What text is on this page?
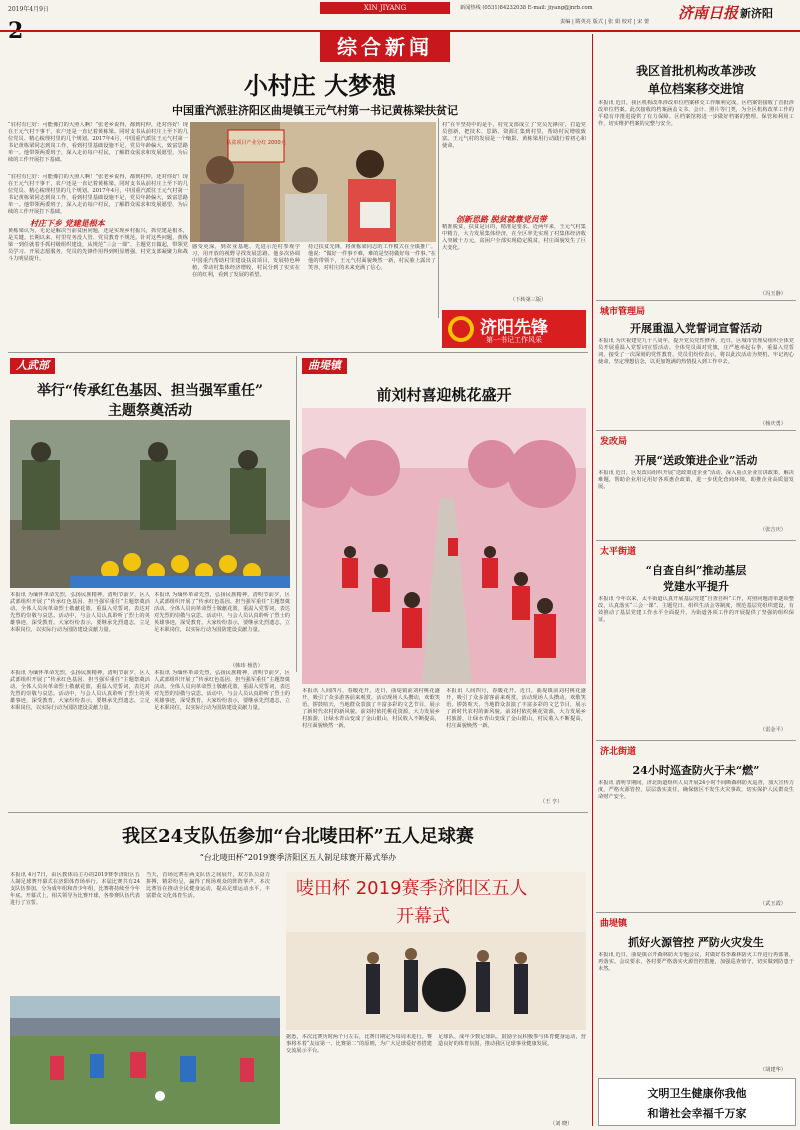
2019年4月9日	XIN JIYANG	新闻热线 (0531)84232038 E-mail: jiyang@jnrb.com
责编 | 隋英亮 版式 | 张 娟 校对 | 宋 蕾 济南日报 新济阳
综合新闻
小村庄 大梦想
中国重汽派驻济阳区曲堤镇王元气村第一书记黄栋梁扶贫记
“驻村有仨好：可能像打的大照人啊！”张老乡说得，都到村仲，还对你好！现在王元气村干事干，农户还是一直记着黄栋梁。同时支书从前村庄上至下的几位党员、精心梳理村里的几个规划。2017年4月，中国重汽派驻王元气村第一书记黄栋梁同志到岗工作，看到村里基础设施不足，党员年龄偏大，致富思路单一。他带领两委班子，深入走访每户村民，了解群众需求和发展愿望，为后续的工作开展打下基础。
“驻村有仨好：可能像打的大照人啊！”张老乡说得，都到村仲，还对你好！现在王元气村干事干，农户还是一直记着黄栋梁。同时支书从前村庄上至下的几位党员、精心梳理村里的几个规划。2017年4月，中国重汽派驻王元气村第一书记黄栋梁同志到岗工作，看到村里基础设施不足，党员年龄偏大，致富思路单一。他带领两委班子，深入走访每户村民，了解群众需求和发展愿望，为后续的工作开展打下基础。
村庄下乡 党建是根本
黄栋梁认为，无论是解决当前贫困问题，还是实现乡村振兴，抓党建是根本，是关键。长期以来，村里党务没人管、党员教育不规范。针对这些问题，黄栋梁一到任就着手抓村级组织建设，从规范“三会一课”、主题党日做起，带领党员学习、开展志愿服务，党员的先锋作用得到明显增强，村党支部凝聚力和战斗力明显提升。
感受更深，到农业基地、先进示范村参观学习，用开放的视野寻找发展思路。他多次协调中国重汽帮助村里建设扶贫项目，发展特色种植，带动村集体经济增收，村民分到了实实在在的红利，看到了发展的希望。
持过扶贫先锋，将黄栋梁同志的工作模式在全镇推广。他说：“做好一件事不难，难的是坚持做好每一件事。”在他的带领下，王元气村面貌焕然一新，村民脸上露出了笑容，对村庄的未来充满了信心。
扶贫项目产业分红 2000元
村“在半坚持中的是手，村党支部成立了‘党员先锋岗’，打造党员创新，把技术、思路、资源汇集到村里，帮助村民增收致富。王元气村的发展是一个缩影，黄栋梁用行动践行着初心和使命。
创新思路 脱贫就靠党员带
精准脱贫，扶贫是目的，精准是要求。近两年来，王元气村集中精力，大力发展集体经济，在全区率先实现了村集体经济收入突破十万元，贫困户全部实现稳定脱贫，村庄面貌发生了巨大变化。
（下转第三版）
济阳先锋
第一书记工作风采
人武部
举行“传承红色基因、担当强军重任”
主题祭奠活动
本报讯 为缅怀革命先烈，弘扬民族精神，清明节前夕，区人武部组织开展了“传承红色基因、担当强军重任”主题祭奠活动。全体人员向革命烈士敬献花篮，重温入党誓词，表达对先烈的崇敬与哀思。活动中，与会人员认真聆听了烈士的英雄事迹，深受教育。大家纷纷表示，要继承先烈遗志，立足本职岗位，以实际行动为国防建设贡献力量。
本报讯 为缅怀革命先烈，弘扬民族精神，清明节前夕，区人武部组织开展了“传承红色基因、担当强军重任”主题祭奠活动。全体人员向革命烈士敬献花篮，重温入党誓词，表达对先烈的崇敬与哀思。活动中，与会人员认真聆听了烈士的英雄事迹，深受教育。大家纷纷表示，要继承先烈遗志，立足本职岗位，以实际行动为国防建设贡献力量。
（韩玮 杨浩）
曲堤镇
前刘村喜迎桃花盛开
本报讯 人间四月，春暖花开。近日，曲堤镇前刘村桃花盛开，吸引了众多游客前来观赏。活动现场人头攒动，欢歌笑语，锣鼓喧天，当地群众表演了丰富多彩的文艺节目，展示了新时代农村的新风貌。前刘村依托桃花资源，大力发展乡村旅游，让绿水青山变成了金山银山，村民收入不断提高，村庄面貌焕然一新。
本报讯 人间四月，春暖花开。近日，曲堤镇前刘村桃花盛开，吸引了众多游客前来观赏。活动现场人头攒动，欢歌笑语，锣鼓喧天，当地群众表演了丰富多彩的文艺节目，展示了新时代农村的新风貌。前刘村依托桃花资源，大力发展乡村旅游，让绿水青山变成了金山银山，村民收入不断提高，村庄面貌焕然一新。
（王 亨）
本报讯 为缅怀革命先烈，弘扬民族精神，清明节前夕，区人武部组织开展了“传承红色基因、担当强军重任”主题祭奠活动。全体人员向革命烈士敬献花篮，重温入党誓词，表达对先烈的崇敬与哀思。活动中，与会人员认真聆听了烈士的英雄事迹，深受教育。大家纷纷表示，要继承先烈遗志，立足本职岗位，以实际行动为国防建设贡献力量。
本报讯 为缅怀革命先烈，弘扬民族精神，清明节前夕，区人武部组织开展了“传承红色基因、担当强军重任”主题祭奠活动。全体人员向革命烈士敬献花篮，重温入党誓词，表达对先烈的崇敬与哀思。活动中，与会人员认真聆听了烈士的英雄事迹，深受教育。大家纷纷表示，要继承先烈遗志，立足本职岗位，以实际行动为国防建设贡献力量。
我区24支队伍参加“台北唛田杯”五人足球赛
“台北唛田杯”2019赛季济阳区五人制足球赛开幕式举办
本报讯 4月7日，由区教体局主办的2019赛季济阳区五人制足球赛开幕式在济阳体育场举行。本届比赛共有24支队伍参加，分为成年组和青少年组，比赛将持续至今年年底。开幕式上，相关领导为比赛开球，各参赛队伍代表进行了宣誓。
当天，首场比赛在两支队伍之间展开，双方队员奋力拼搏，精彩纷呈，赢得了现场观众的阵阵掌声。本次比赛旨在推动全民健身运动，提高足球运动水平，丰富群众文化体育生活。	唛田杯 2019赛季济阳区五人
开幕式
据悉，本次比赛历时两个月左右，比赛日期定为每周末进行。赛事将本着“友谊第一、比赛第二”的原则，为广大足球爱好者搭建交流展示平台。
足球队、成年少数足球队，鼓励全民积极参与体育健身运动，营造良好的体育氛围，推动我区足球事业健康发展。
（刘 晓）
我区首批机构改革涉改
单位档案移交进馆
本报讯 近日，我区机构改革涉改单位档案移交工作顺利完成，区档案馆接收了首批涉改单位档案。此次接收的档案涵盖文书、会计、照片等门类，为全区机构改革工作的平稳有序推进提供了有力保障。区档案馆将进一步做好档案的整理、保管和利用工作，切实维护档案的完整与安全。
（冯玉静）
城市管理局
开展重温入党誓词宣誓活动
本报讯 为庆祝建党九十八周年，提升党员党性修养，近日，区城市管理局组织全体党员开展重温入党誓词宣誓活动。全体党员面对党旗，庄严地举起右拳，重温入党誓词，接受了一次深刻的党性教育。党员们纷纷表示，将以此次活动为契机，牢记初心使命，坚定理想信念，以更加饱满的热情投入到工作中去。
（杨庆勇）
发改局
开展“送政策进企业”活动
本报讯 近日，区发改局组织开展“送政策进企业”活动，深入重点企业宣讲政策、解决难题，帮助企业用足用好各项惠企政策，进一步优化营商环境，助推企业高质量发展。
（张吉庆）
太平街道
“自查自纠”推动基层
党建水平提升
本报讯 今年以来，太平街道认真开展基层党建“自查自纠”工作，对照问题清单逐项整改，认真落实“三会一课”、主题党日、组织生活会等制度，规范基层党组织建设，有效推动了基层党建工作水平全面提升，为街道各项工作的开展提供了坚强的组织保证。
（雷金平）
济北街道
24小时巡查防火于未“燃”
本报讯 清明节期间，济北街道组织人员开展24小时不间断森林防火巡查，加大宣传力度，严格火源管控，层层落实责任，确保辖区不发生火灾事故，切实保护人民群众生命财产安全。
（武玉霞）
曲堤镇
抓好火源管控 严防火灾发生
本报讯 近日，曲堤镇召开森林防火专题会议，对做好春季森林防火工作进行再部署、再落实。会议要求，各村要严格落实火源管控措施，加强巡查值守，切实做到防患于未然。
（胡建华）
文明卫生健康你我他
和谐社会幸福千万家
